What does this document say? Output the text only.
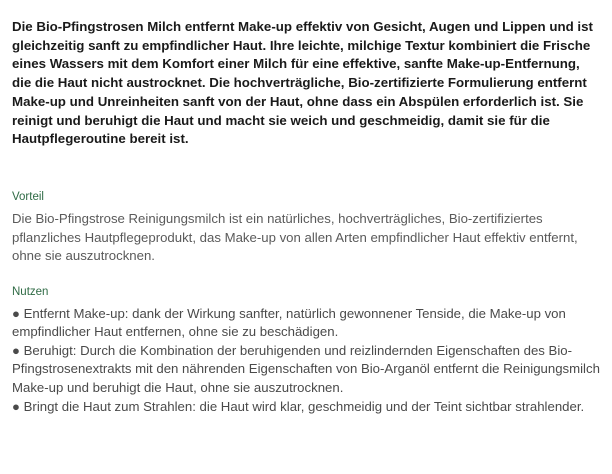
Die Bio-Pfingstrosen Milch entfernt Make-up effektiv von Gesicht, Augen und Lippen und ist gleichzeitig sanft zu empfindlicher Haut. Ihre leichte, milchige Textur kombiniert die Frische eines Wassers mit dem Komfort einer Milch für eine effektive, sanfte Make-up-Entfernung, die die Haut nicht austrocknet. Die hochverträgliche, Bio-zertifizierte Formulierung entfernt Make-up und Unreinheiten sanft von der Haut, ohne dass ein Abspülen erforderlich ist. Sie reinigt und beruhigt die Haut und macht sie weich und geschmeidig, damit sie für die Hautpflegeroutine bereit ist.

Vorteil

Die Bio-Pfingstrose Reinigungsmilch ist ein natürliches, hochverträgliches, Bio-zertifiziertes pflanzliches Hautpflegeprodukt, das Make-up von allen Arten empfindlicher Haut effektiv entfernt, ohne sie auszutrocknen.

Nutzen

● Entfernt Make-up: dank der Wirkung sanfter, natürlich gewonnener Tenside, die Make-up von empfindlicher Haut entfernen, ohne sie zu beschädigen.

● Beruhigt: Durch die Kombination der beruhigenden und reizlindernden Eigenschaften des Bio-Pfingstrosenextrakts mit den nährenden Eigenschaften von Bio-Arganöl entfernt die Reinigungsmilch Make-up und beruhigt die Haut, ohne sie auszutrocknen.

● Bringt die Haut zum Strahlen: die Haut wird klar, geschmeidig und der Teint sichtbar strahlender.
